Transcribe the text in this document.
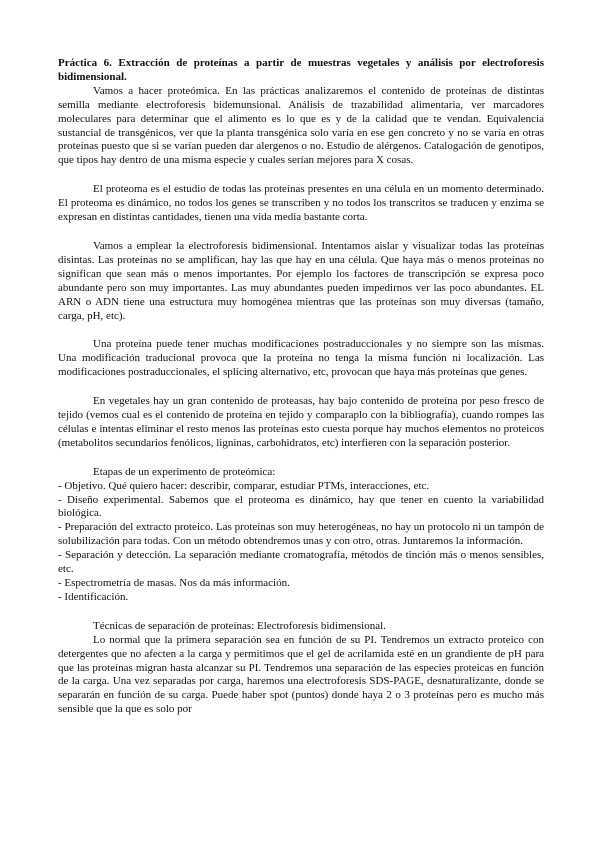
Práctica 6. Extracción de proteínas a partir de muestras vegetales y análisis por electroforesis bidimensional.

Vamos a hacer proteómica. En las prácticas analizaremos el contenido de proteínas de distintas semilla mediante electroforesis bidemunsional. Análisis de trazabilidad alimentaria, ver marcadores moleculares para determinar que el alimento es lo que es y de la calidad que te vendan. Equivalencia sustancial de transgénicos, ver que la planta transgénica solo varía en ese gen concreto y no se varía en otras proteínas puesto que si se varían pueden dar alergenos o no. Estudio de alérgenos. Catalogación de genotipos, que tipos hay dentro de una misma especie y cuales serían mejores para X cosas.

El proteoma es el estudio de todas las proteínas presentes en una célula en un momento determinado. El proteoma es dinámico, no todos los genes se transcriben y no todos los transcritos se traducen y enzima se expresan en distintas cantidades, tienen una vida media bastante corta.

Vamos a emplear la electroforesis bidimensional. Intentamos aislar y visualizar todas las proteínas disintas. Las proteínas no se amplifican, hay las que hay en una célula. Que haya más o menos proteínas no significan que sean más o menos importantes. Por ejemplo los factores de transcripción se expresa poco abundante pero son muy importantes. Las muy abundantes pueden impedirnos ver las poco abundantes. EL ARN o ADN tiene una estructura muy homogénea mientras que las proteínas son muy diversas (tamaño, carga, pH, etc).

Una proteína puede tener muchas modificaciones postraduccionales y no siempre son las mismas. Una modificación traducional provoca que la proteína no tenga la misma función ni localización. Las modificaciones postraduccionales, el splicing alternativo, etc, provocan que haya más proteínas que genes.

En vegetales hay un gran contenido de proteasas, hay bajo contenido de proteína por peso fresco de tejido (vemos cual es el contenido de proteína en tejido y comparарlo con la bibliografía), cuando rompes las células e intentas eliminar el resto menos las proteínas esto cuesta porque hay muchos elementos no proteicos (metabolitos secundarios fenólicos, ligninas, carbohidratos, etc) interfieren con la separación posterior.

Etapas de un experimento de proteómica:

- Objetivo. Qué quiero hacer: describir, comparar, estudiar PTMs, interacciones, etc.

- Diseño experimental. Sabemos que el proteoma es dinámico, hay que tener en cuento la variabilidad biológica.

- Preparación del extracto proteico. Las proteínas son muy heterogéneas, no hay un protocolo ni un tampón de solubilización para todas. Con un método obtendremos unas y con otro, otras. Juntaremos la información.

- Separación y detección. La separación mediante cromatografía, métodos de tinción más o menos sensibles, etc.

- Espectrometría de masas. Nos da más información.

- Identificación.

Técnicas de separación de proteínas: Electroforesis bidimensional.

Lo normal que la primera separación sea en función de su PI. Tendremos un extracto proteico con detergentes que no afecten a la carga y permitimos que el gel de acrilamida esté en un grandiente de pH para que las proteínas migran hasta alcanzar su PI. Tendremos una separación de las especies proteicas en función de la carga. Una vez separadas por carga, haremos una electroforesis SDS-PAGE, desnaturalizante, donde se separarán en función de su carga. Puede haber spot (puntos) donde haya 2 o 3 proteínas pero es mucho más sensible que la que es solo por
